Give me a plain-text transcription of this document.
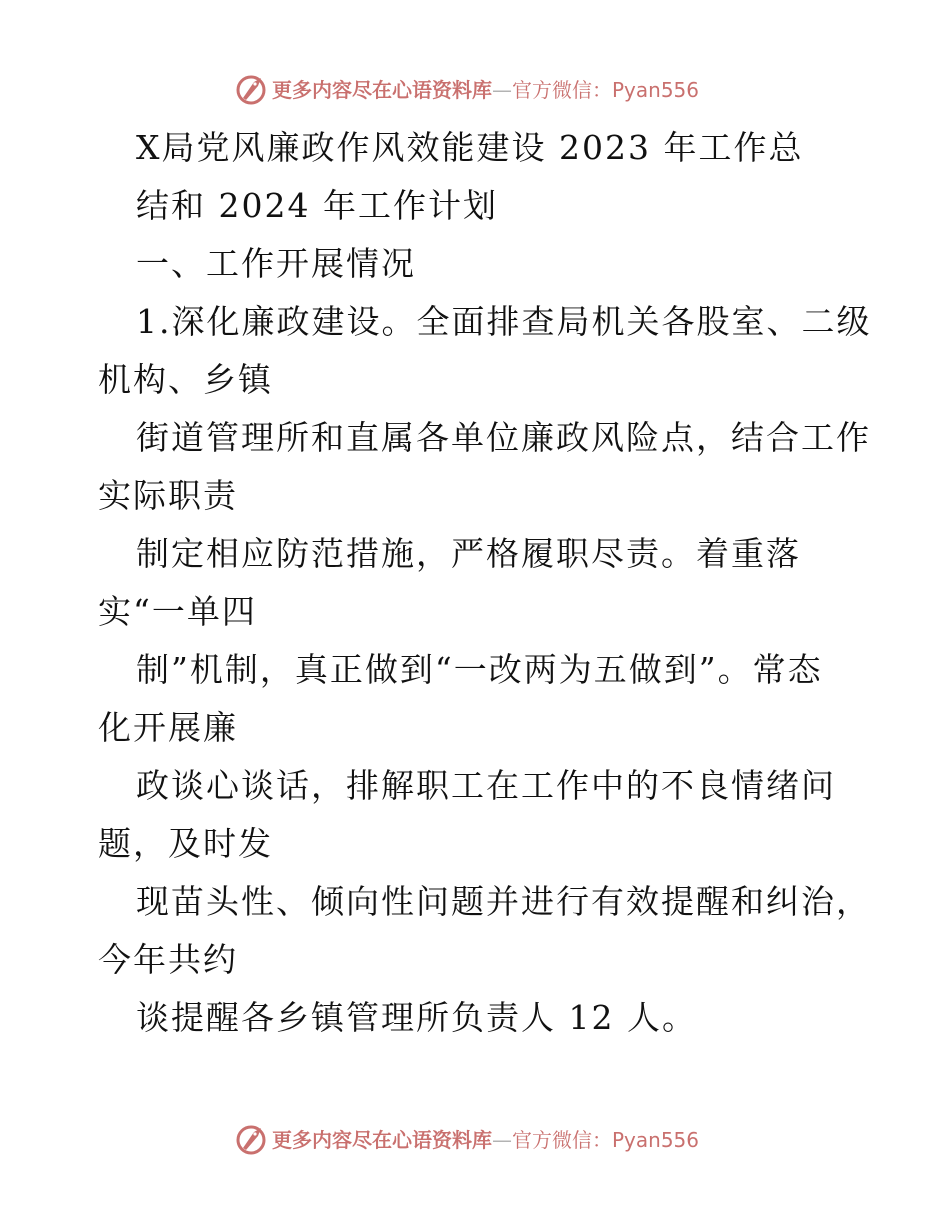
更多内容尽在心语资料库—官方微信：Pyan556
X局党风廉政作风效能建设 2023 年工作总
结和 2024 年工作计划
一、工作开展情况
1.深化廉政建设。全面排查局机关各股室、二级
机构、乡镇
街道管理所和直属各单位廉政风险点，结合工作
实际职责
制定相应防范措施，严格履职尽责。着重落
实“一单四
制”机制，真正做到“一改两为五做到”。常态
化开展廉
政谈心谈话，排解职工在工作中的不良情绪问
题，及时发
现苗头性、倾向性问题并进行有效提醒和纠治，
今年共约
谈提醒各乡镇管理所负责人 12 人。
更多内容尽在心语资料库—官方微信：Pyan556
